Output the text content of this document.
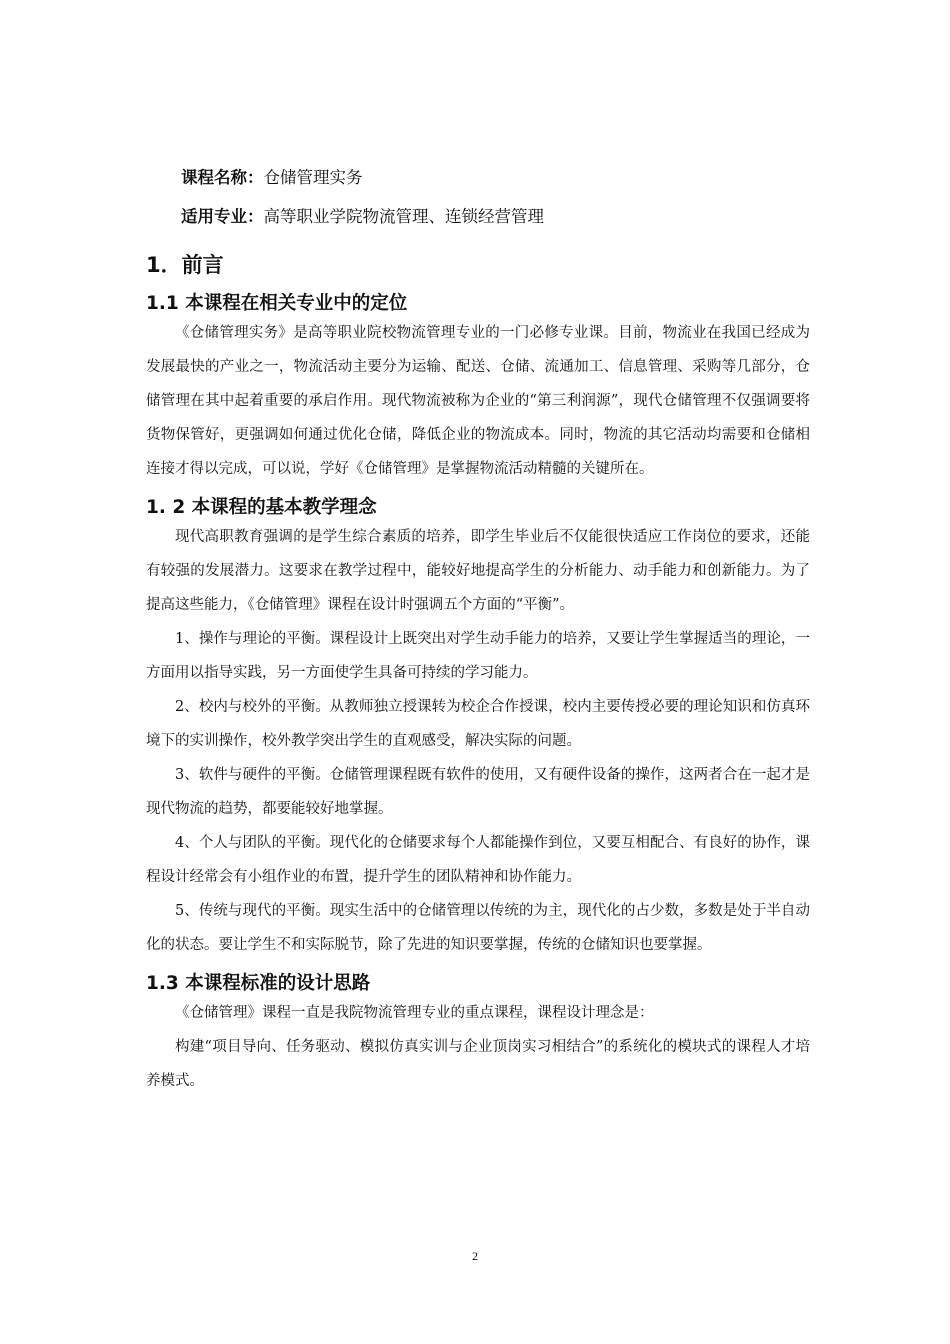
课程名称：仓储管理实务
适用专业：高等职业学院物流管理、连锁经营管理
1．前言
1.1 本课程在相关专业中的定位

《仓储管理实务》是高等职业院校物流管理专业的一门必修专业课。目前，物流业在我国已经成为发展最快的产业之一，物流活动主要分为运输、配送、仓储、流通加工、信息管理、采购等几部分，仓储管理在其中起着重要的承启作用。现代物流被称为企业的“第三利润源”，现代仓储管理不仅强调要将货物保管好，更强调如何通过优化仓储，降低企业的物流成本。同时，物流的其它活动均需要和仓储相连接才得以完成，可以说，学好《仓储管理》是掌握物流活动精髓的关键所在。

1. 2 本课程的基本教学理念

现代高职教育强调的是学生综合素质的培养，即学生毕业后不仅能很快适应工作岗位的要求，还能有较强的发展潜力。这要求在教学过程中，能较好地提高学生的分析能力、动手能力和创新能力。为了提高这些能力，《仓储管理》课程在设计时强调五个方面的“平衡”。

1、操作与理论的平衡。课程设计上既突出对学生动手能力的培养，又要让学生掌握适当的理论，一方面用以指导实践，另一方面使学生具备可持续的学习能力。

2、校内与校外的平衡。从教师独立授课转为校企合作授课，校内主要传授必要的理论知识和仿真环境下的实训操作，校外教学突出学生的直观感受，解决实际的问题。

3、软件与硬件的平衡。仓储管理课程既有软件的使用，又有硬件设备的操作，这两者合在一起才是现代物流的趋势，都要能较好地掌握。

4、个人与团队的平衡。现代化的仓储要求每个人都能操作到位，又要互相配合、有良好的协作，课程设计经常会有小组作业的布置，提升学生的团队精神和协作能力。

5、传统与现代的平衡。现实生活中的仓储管理以传统的为主，现代化的占少数，多数是处于半自动化的状态。要让学生不和实际脱节，除了先进的知识要掌握，传统的仓储知识也要掌握。

1.3 本课程标准的设计思路

《仓储管理》课程一直是我院物流管理专业的重点课程，课程设计理念是：

构建“项目导向、任务驱动、模拟仿真实训与企业顶岗实习相结合”的系统化的模块式的课程人才培养模式。

2
